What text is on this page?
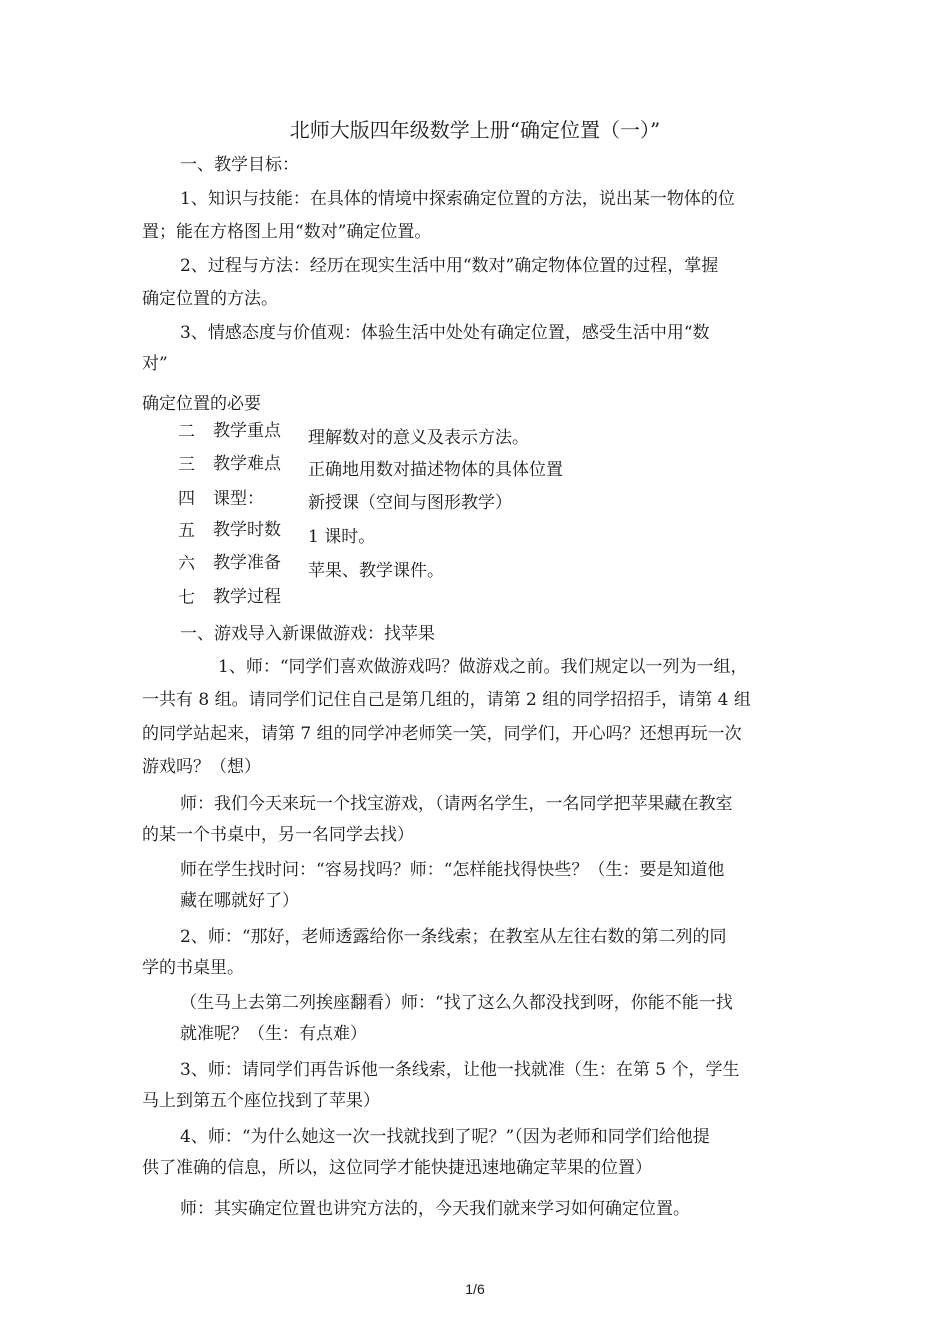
北师大版四年级数学上册“确定位置（一）”
一、教学目标：
1、知识与技能：在具体的情境中探索确定位置的方法，说出某一物体的位
置；能在方格图上用“数对”确定位置。
2、过程与方法：经历在现实生活中用“数对”确定物体位置的过程，掌握
确定位置的方法。
3、情感态度与价值观：体验生活中处处有确定位置，感受生活中用“数
对”
确定位置的必要
二 教学重点 理解数对的意义及表示方法。
三 教学难点 正确地用数对描述物体的具体位置
四 课型：	新授课（空间与图形教学）
五 教学时数 1 课时。
六 教学准备 苹果、教学课件。
七 教学过程
一、游戏导入新课做游戏：找苹果
1、师：“同学们喜欢做游戏吗？做游戏之前。我们规定以一列为一组，
一共有 8 组。请同学们记住自己是第几组的，请第 2 组的同学招招手，请第 4 组
的同学站起来，请第 7 组的同学冲老师笑一笑，同学们，开心吗？还想再玩一次
游戏吗？（想）
师：我们今天来玩一个找宝游戏，（请两名学生，一名同学把苹果藏在教室
的某一个书桌中，另一名同学去找）
师在学生找时问：“容易找吗？师：“怎样能找得快些？（生：要是知道他
藏在哪就好了）
2、师：“那好，老师透露给你一条线索；在教室从左往右数的第二列的同
学的书桌里。
（生马上去第二列挨座翻看）师：“找了这么久都没找到呀，你能不能一找
就准呢？（生：有点难）
3、师：请同学们再告诉他一条线索，让他一找就准（生：在第 5 个，学生
马上到第五个座位找到了苹果）
4、师：“为什么她这一次一找就找到了呢？”（因为老师和同学们给他提
供了准确的信息，所以，这位同学才能快捷迅速地确定苹果的位置）
师：其实确定位置也讲究方法的，今天我们就来学习如何确定位置。
1/6
